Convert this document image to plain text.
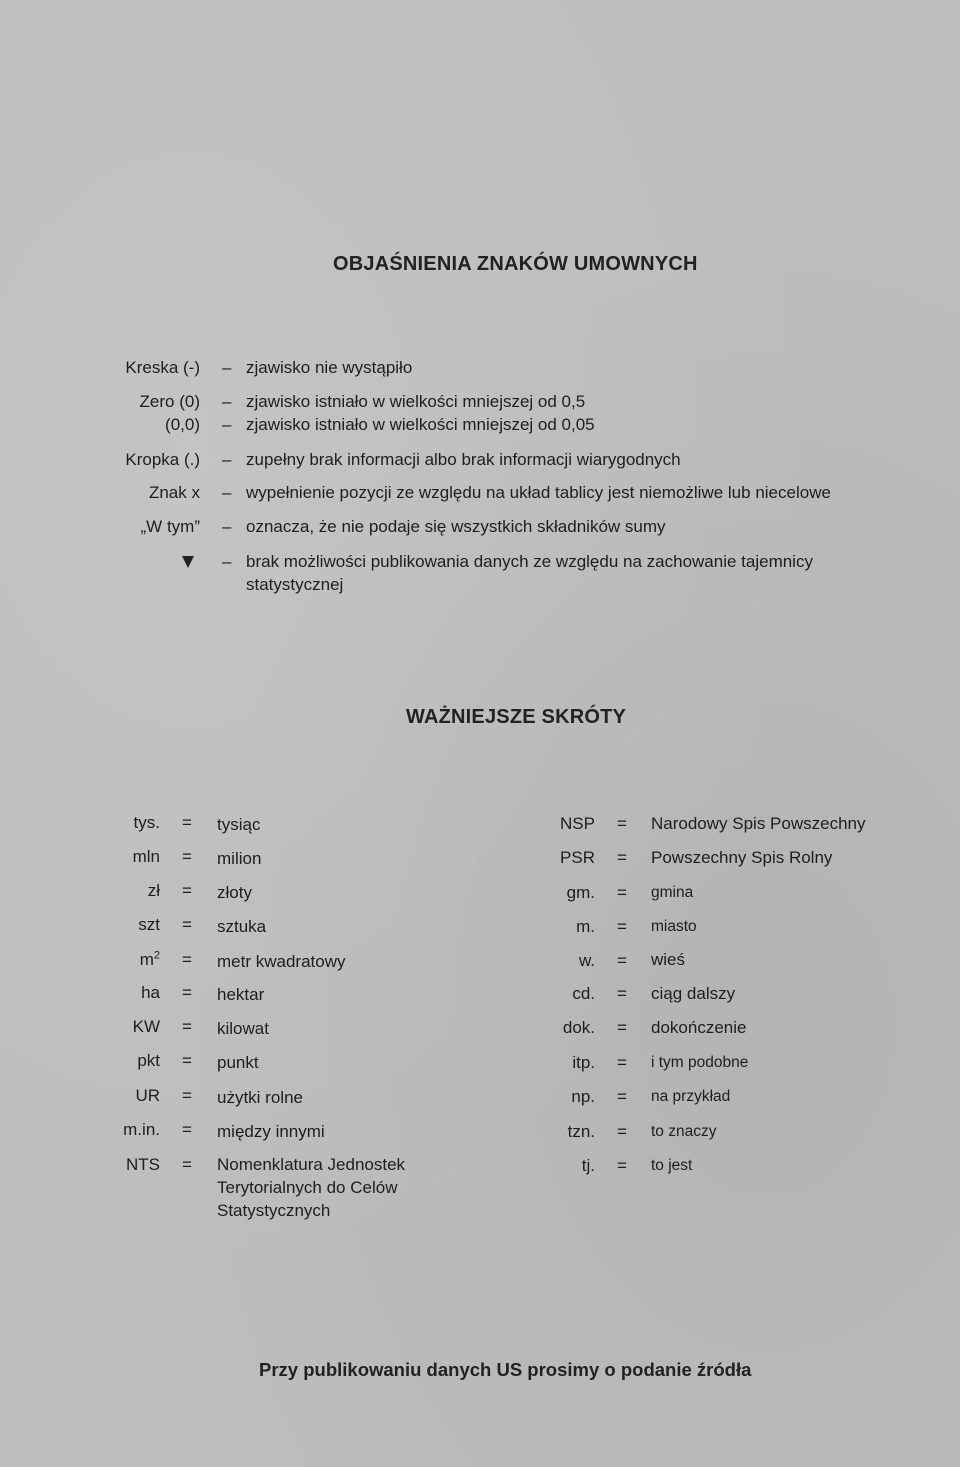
OBJAŚNIENIA ZNAKÓW UMOWNYCH
Kreska (-) – zjawisko nie wystąpiło
Zero (0) – zjawisko istniało w wielkości mniejszej od 0,5
(0,0) – zjawisko istniało w wielkości mniejszej od 0,05
Kropka (.) – zupełny brak informacji albo brak informacji wiarygodnych
Znak x – wypełnienie pozycji ze względu na układ tablicy jest niemożliwe lub niecelowe
„W tym” – oznacza, że nie podaje się wszystkich składników sumy
– brak możliwości publikowania danych ze względu na zachowanie tajemnicy statystycznej
WAŻNIEJSZE SKRÓTY
tys. = tysiąc
mln = milion
zł = złoty
szt = sztuka
$m^2$ = metr kwadratowy
ha = hektar
KW = kilowat
pkt = punkt
UR = użytki rolne
m.in. = między innymi
NTS = Nomenklatura Jednostek Terytorialnych do Celów Statystycznych
NSP = Narodowy Spis Powszechny
PSR = Powszechny Spis Rolny
gm. = gmina
m. = miasto
w. = wieś
cd. = ciąg dalszy
dok. = dokończenie
itp. = i tym podobne
np. = na przykład
tzn. = to znaczy
tj. = to jest
Przy publikowaniu danych US prosimy o podanie źródła
